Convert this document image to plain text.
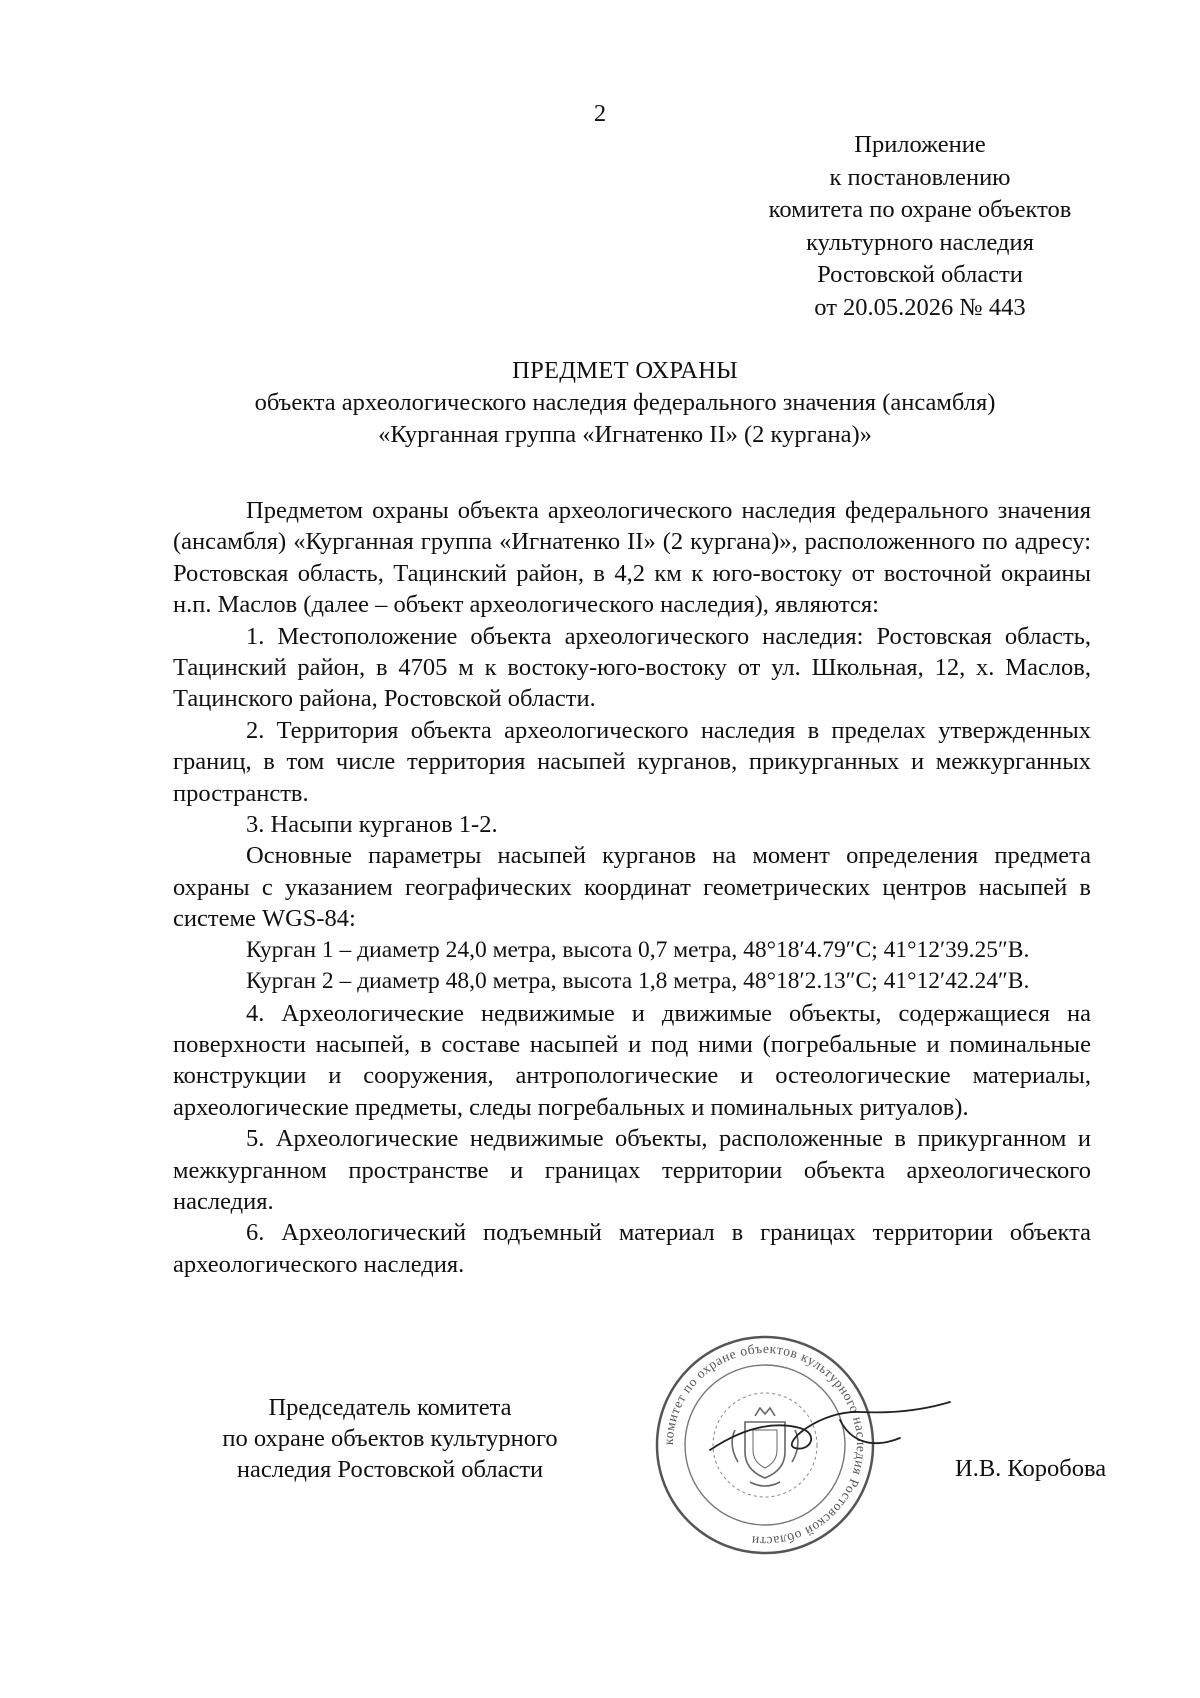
2
Приложение
к постановлению
комитета по охране объектов
культурного наследия
Ростовской области
от 20.05.2026 № 443
ПРЕДМЕТ ОХРАНЫ
объекта археологического наследия федерального значения (ансамбля)
«Курганная группа «Игнатенко II» (2 кургана)»

Предметом охраны объекта археологического наследия федерального значения (ансамбля) «Курганная группа «Игнатенко II» (2 кургана)», расположенного по адресу: Ростовская область, Тацинский район, в 4,2 км к юго-востоку от восточной окраины н.п. Маслов (далее – объект археологического наследия), являются:

1. Местоположение объекта археологического наследия: Ростовская область, Тацинский район, в 4705 м к востоку-юго-востоку от ул. Школьная, 12, х. Маслов, Тацинского района, Ростовской области.

2. Территория объекта археологического наследия в пределах утвержденных границ, в том числе территория насыпей курганов, прикурганных и межкурганных пространств.

3. Насыпи курганов 1-2.

Основные параметры насыпей курганов на момент определения предмета охраны с указанием географических координат геометрических центров насыпей в системе WGS-84:

Курган 1 – диаметр 24,0 метра, высота 0,7 метра, 48°18′4.79″С; 41°12′39.25″В.

Курган 2 – диаметр 48,0 метра, высота 1,8 метра, 48°18′2.13″С; 41°12′42.24″В.

4. Археологические недвижимые и движимые объекты, содержащиеся на поверхности насыпей, в составе насыпей и под ними (погребальные и поминальные конструкции и сооружения, антропологические и остеологические материалы, археологические предметы, следы погребальных и поминальных ритуалов).

5. Археологические недвижимые объекты, расположенные в прикурганном и межкурганном пространстве и границах территории объекта археологического наследия.

6. Археологический подъемный материал в границах территории объекта археологического наследия.

комитет по охране объектов культурного наследия Ростовской области
Председатель комитета
по охране объектов культурного
наследия Ростовской области	И.В. Коробова
